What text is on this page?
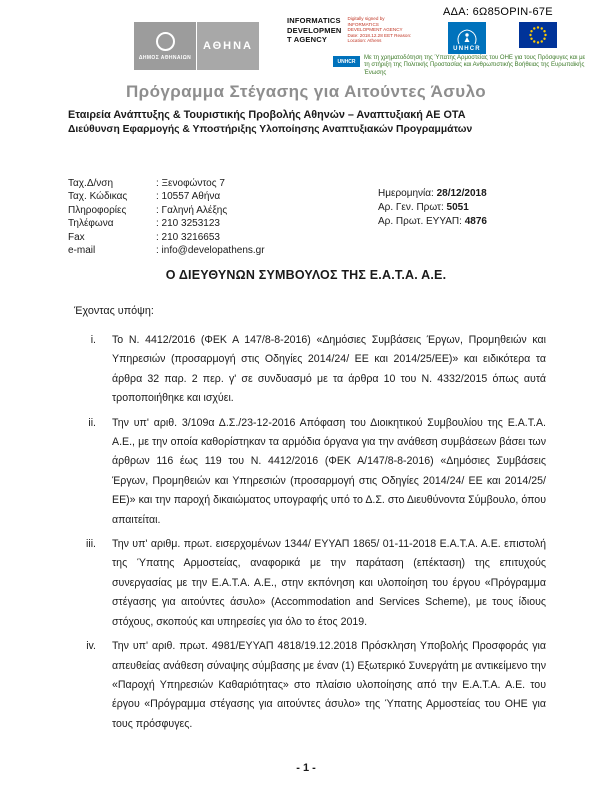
ΑΔΑ: 6Ω85ΟΡΙΝ-67Ε
ΔΗΜΟΣ ΑΘΗΝΑΙΩΝ
ΑΘΗΝΑ
INFORMATICS
DEVELOPMEN
T AGENCY
Digitally signed by INFORMATICS DEVELOPMENT AGENCY Date: 2018.12.28 EET Reason: Location: Athens
UNHCR
UNHCR
Με τη χρηματοδότηση της Ύπατης Αρμοστείας του ΟΗΕ για τους Πρόσφυγες και με τη στήριξη της Πολιτικής Προστασίας και Ανθρωπιστικής Βοήθειας της Ευρωπαϊκής Ένωσης
Πρόγραμμα Στέγασης για Αιτούντες Άσυλο
Εταιρεία Ανάπτυξης & Τουριστικής Προβολής Αθηνών – Αναπτυξιακή ΑΕ ΟΤΑ
Διεύθυνση Εφαρμογής & Υποστήριξης Υλοποίησης Αναπτυξιακών Προγραμμάτων
Ταχ.Δ/νση	: Ξενοφώντος 7
Ταχ. Κώδικας	: 10557 Αθήνα
Πληροφορίες	: Γαληνή Αλέξης
Τηλέφωνα	: 210 3253123
Fax	: 210 3216653
e-mail	: info@developathens.gr
Ημερομηνία: 28/12/2018
Αρ. Γεν. Πρωτ: 5051
Αρ. Πρωτ. ΕΥΥΑΠ: 4876
Ο ΔΙΕΥΘΥΝΩΝ ΣΥΜΒΟΥΛΟΣ ΤΗΣ Ε.Α.Τ.Α. Α.Ε.
Έχοντας υπόψη:
i. Το Ν. 4412/2016 (ΦΕΚ Α 147/8-8-2016) «Δημόσιες Συμβάσεις Έργων, Προμηθειών και Υπηρεσιών (προσαρμογή στις Οδηγίες 2014/24/ ΕΕ και 2014/25/ΕΕ)» και ειδικότερα τα άρθρα 32 παρ. 2 περ. γ' σε συνδυασμό με τα άρθρα 10 του Ν. 4332/2015 όπως αυτά τροποποιήθηκε και ισχύει.
ii. Την υπ' αριθ. 3/109α Δ.Σ./23-12-2016 Απόφαση του Διοικητικού Συμβουλίου της Ε.Α.Τ.Α. Α.Ε., με την οποία καθορίστηκαν τα αρμόδια όργανα για την ανάθεση συμβάσεων βάσει των άρθρων 116 έως 119 του Ν. 4412/2016 (ΦΕΚ Α/147/8-8-2016) «Δημόσιες Συμβάσεις Έργων, Προμηθειών και Υπηρεσιών (προσαρμογή στις Οδηγίες 2014/24/ ΕΕ και 2014/25/ΕΕ)» και την παροχή δικαιώματος υπογραφής υπό το Δ.Σ. στο Διευθύνοντα Σύμβουλο, όπου απαιτείται.
iii. Την υπ' αριθμ. πρωτ. εισερχομένων 1344/ ΕΥΥΑΠ 1865/ 01-11-2018 Ε.Α.Τ.Α. Α.Ε. επιστολή της Ύπατης Αρμοστείας, αναφορικά με την παράταση (επέκταση) της επιτυχούς συνεργασίας με την Ε.Α.Τ.Α. Α.Ε., στην εκπόνηση και υλοποίηση του έργου «Πρόγραμμα στέγασης για αιτούντες άσυλο» (Accommodation and Services Scheme), με τους ίδιους στόχους, σκοπούς και υπηρεσίες για όλο το έτος 2019.
iv. Την υπ' αριθ. πρωτ. 4981/ΕΥΥΑΠ 4818/19.12.2018 Πρόσκληση Υποβολής Προσφοράς για απευθείας ανάθεση σύναψης σύμβασης με έναν (1) Εξωτερικό Συνεργάτη με αντικείμενο την «Παροχή Υπηρεσιών Καθαριότητας» στο πλαίσιο υλοποίησης από την Ε.Α.Τ.Α. Α.Ε. του έργου «Πρόγραμμα στέγασης για αιτούντες άσυλο» της Ύπατης Αρμοστείας του ΟΗΕ για τους πρόσφυγες.
- 1 -
